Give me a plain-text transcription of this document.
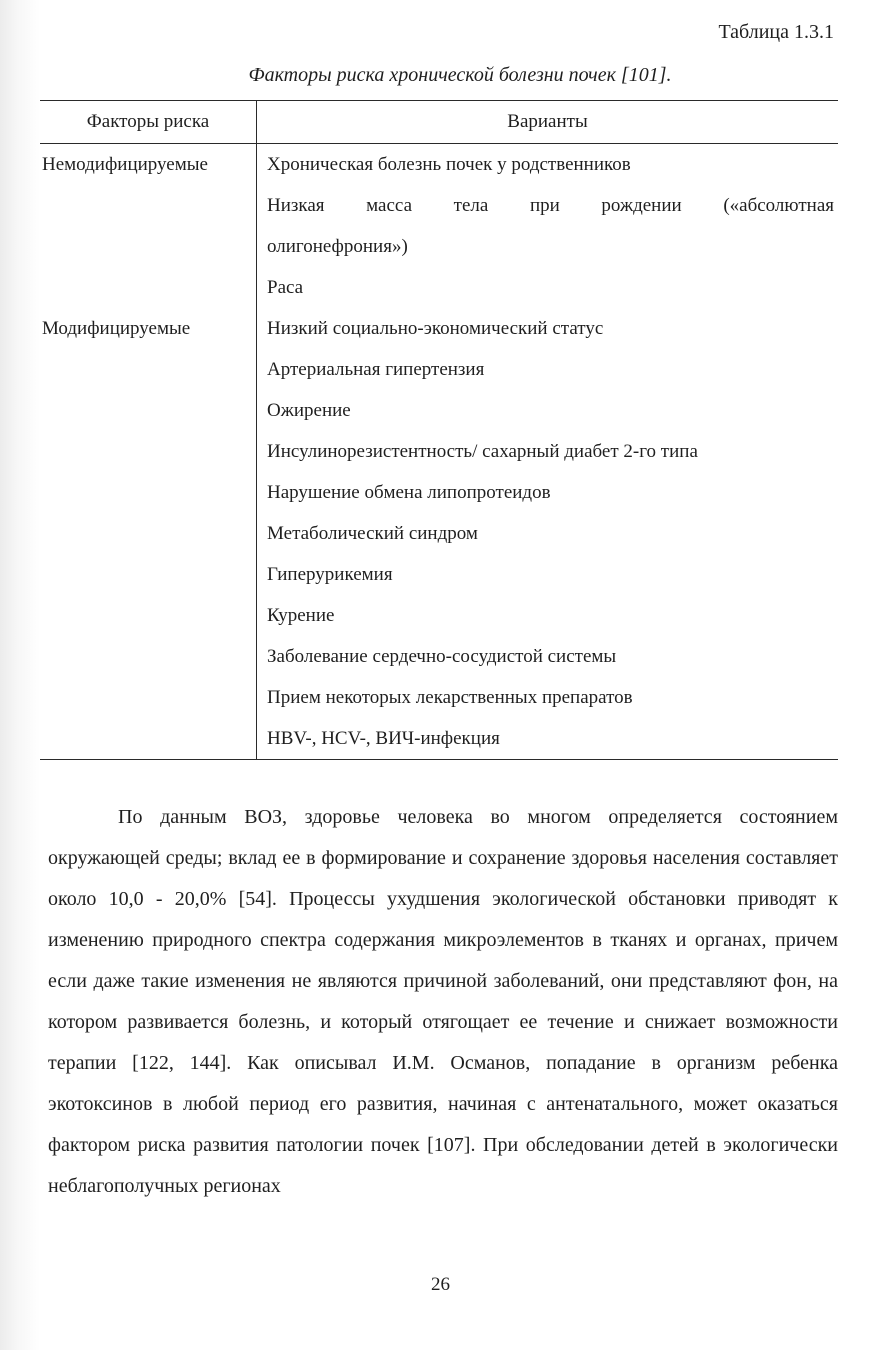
Таблица 1.3.1
Факторы риска хронической болезни почек [101].
Факторы риска	Варианты
Немодифицируемые	Хроническая болезнь почек у родственников
Низкая масса тела при рождении («абсолютная
олигонефрония»)
Раса
Модифицируемые	Низкий социально-экономический статус
Артериальная гипертензия
Ожирение
Инсулинорезистентность/ сахарный диабет 2-го типа
Нарушение обмена липопротеидов
Метаболический синдром
Гиперурикемия
Курение
Заболевание сердечно-сосудистой системы
Прием некоторых лекарственных препаратов
HBV-, HCV-, ВИЧ-инфекция
По данным ВОЗ, здоровье человека во многом определяется состоянием окружающей среды; вклад ее в формирование и сохранение здоровья населения составляет около 10,0 - 20,0% [54]. Процессы ухудшения экологической обстановки приводят к изменению природного спектра содержания микроэлементов в тканях и органах, причем если даже такие изменения не являются причиной заболеваний, они представляют фон, на котором развивается болезнь, и который отягощает ее течение и снижает возможности терапии [122, 144]. Как описывал И.М. Османов, попадание в организм ребенка экотоксинов в любой период его развития, начиная с антенатального, может оказаться фактором риска развития патологии почек [107]. При обследовании детей в экологически неблагополучных регионах
26
